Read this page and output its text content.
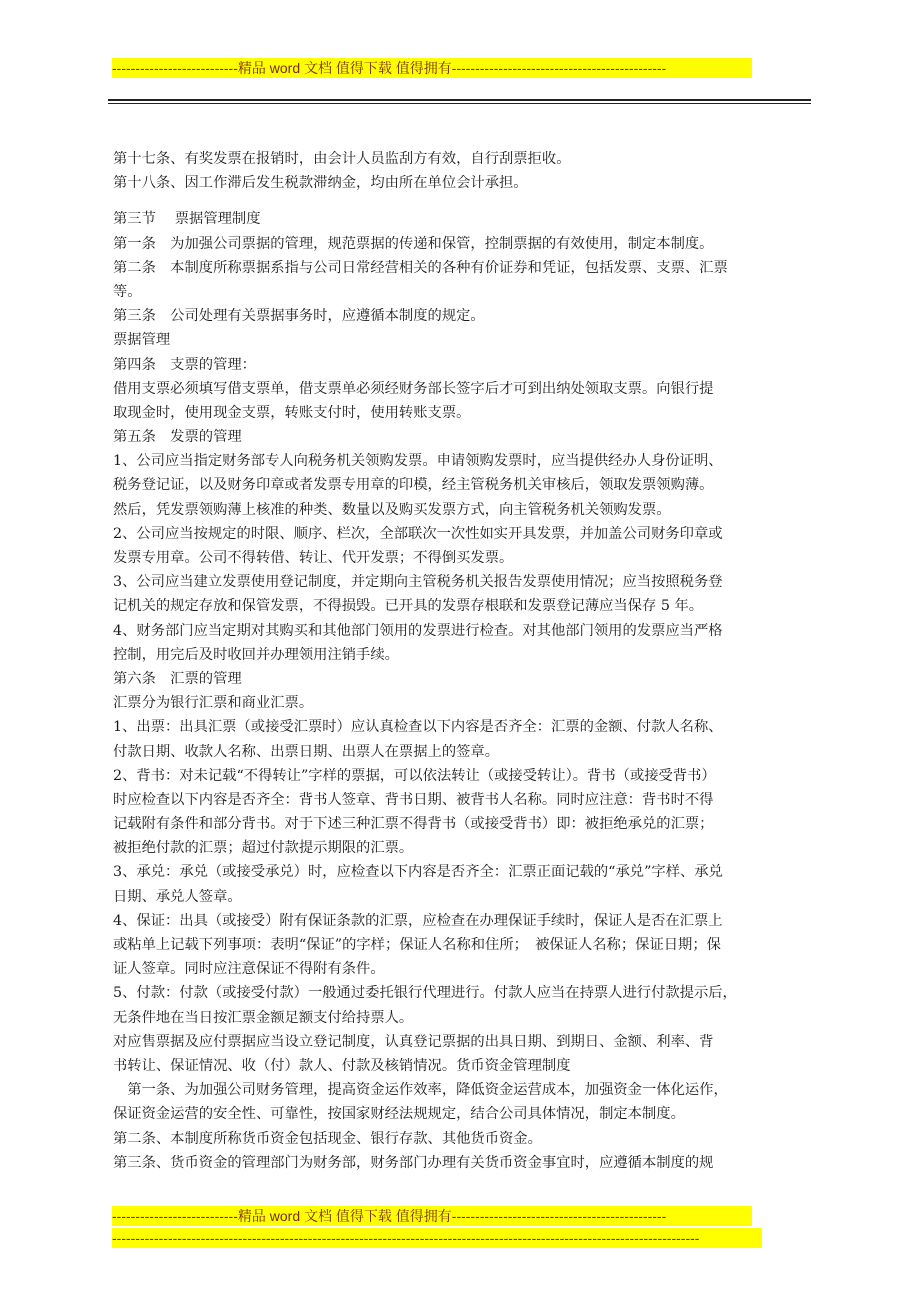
---------------------------精品 word 文档 值得下载 值得拥有----------------------------------------------
第十七条、有奖发票在报销时，由会计人员监刮方有效，自行刮票拒收。
第十八条、因工作滞后发生税款滞纳金，均由所在单位会计承担。
第三节　 票据管理制度
第一条　为加强公司票据的管理，规范票据的传递和保管，控制票据的有效使用，制定本制度。
第二条　本制度所称票据系指与公司日常经营相关的各种有价证券和凭证，包括发票、支票、汇票
等。
第三条　公司处理有关票据事务时，应遵循本制度的规定。
票据管理
第四条　支票的管理：
借用支票必须填写借支票单，借支票单必须经财务部长签字后才可到出纳处领取支票。向银行提
取现金时，使用现金支票，转账支付时，使用转账支票。
第五条　发票的管理
1、公司应当指定财务部专人向税务机关领购发票。申请领购发票时，应当提供经办人身份证明、
税务登记证，以及财务印章或者发票专用章的印模，经主管税务机关审核后，领取发票领购薄。
然后，凭发票领购薄上核准的种类、数量以及购买发票方式，向主管税务机关领购发票。
2、公司应当按规定的时限、顺序、栏次，全部联次一次性如实开具发票，并加盖公司财务印章或
发票专用章。公司不得转借、转让、代开发票；不得倒买发票。
3、公司应当建立发票使用登记制度，并定期向主管税务机关报告发票使用情况；应当按照税务登
记机关的规定存放和保管发票，不得损毁。已开具的发票存根联和发票登记薄应当保存 5 年。
4、财务部门应当定期对其购买和其他部门领用的发票进行检查。对其他部门领用的发票应当严格
控制，用完后及时收回并办理领用注销手续。
第六条　汇票的管理
汇票分为银行汇票和商业汇票。
1、出票：出具汇票（或接受汇票时）应认真检查以下内容是否齐全：汇票的金额、付款人名称、
付款日期、收款人名称、出票日期、出票人在票据上的签章。
2、背书：对未记载“不得转让”字样的票据，可以依法转让（或接受转让）。背书（或接受背书）
时应检查以下内容是否齐全：背书人签章、背书日期、被背书人名称。同时应注意：背书时不得
记载附有条件和部分背书。对于下述三种汇票不得背书（或接受背书）即：被拒绝承兑的汇票；
被拒绝付款的汇票；超过付款提示期限的汇票。
3、承兑：承兑（或接受承兑）时，应检查以下内容是否齐全：汇票正面记载的“承兑”字样、承兑
日期、承兑人签章。
4、保证：出具（或接受）附有保证条款的汇票，应检查在办理保证手续时，保证人是否在汇票上
或粘单上记载下列事项：表明“保证”的字样；保证人名称和住所；　被保证人名称；保证日期；保
证人签章。同时应注意保证不得附有条件。
5、付款：付款（或接受付款）一般通过委托银行代理进行。付款人应当在持票人进行付款提示后，
无条件地在当日按汇票金额足额支付给持票人。
对应售票据及应付票据应当设立登记制度，认真登记票据的出具日期、到期日、金额、利率、背
书转让、保证情况、收（付）款人、付款及核销情况。货币资金管理制度
　第一条、为加强公司财务管理，提高资金运作效率，降低资金运营成本，加强资金一体化运作，
保证资金运营的安全性、可靠性，按国家财经法规规定，结合公司具体情况，制定本制度。
第二条、本制度所称货币资金包括现金、银行存款、其他货币资金。
第三条、货币资金的管理部门为财务部，财务部门办理有关货币资金事宜时，应遵循本制度的规
---------------------------精品 word 文档 值得下载 值得拥有----------------------------------------------
------------------------------------------------------------------------------------------------------------------------------
